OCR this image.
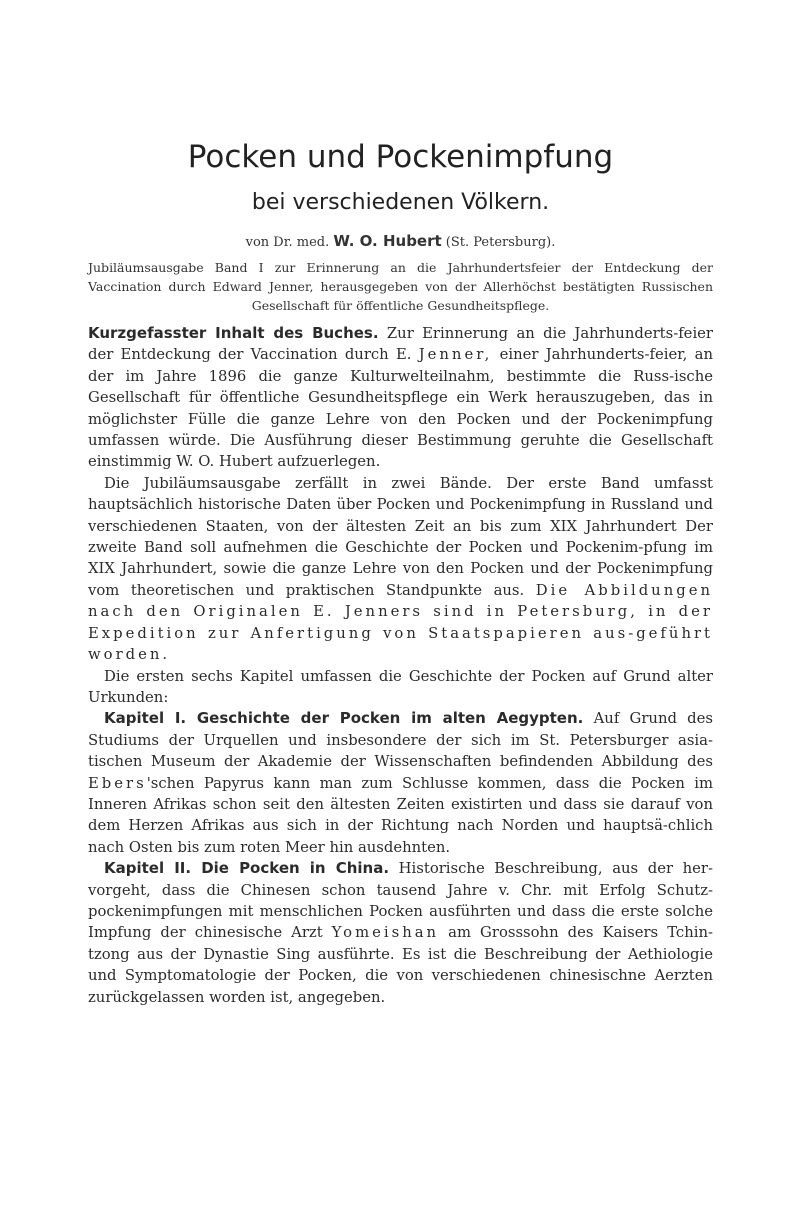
Pocken und Pockenimpfung
bei verschiedenen Völkern.
von Dr. med. W. O. Hubert (St. Petersburg).
Jubiläumsausgabe Band I zur Erinnerung an die Jahrhundertsfeier der Entdeckung der Vaccination durch Edward Jenner, herausgegeben von der Allerhöchst bestätigten Russischen Gesellschaft für öffentliche Gesundheitspflege.

Kurzgefasster Inhalt des Buches. Zur Erinnerung an die Jahrhunderts-feier der Entdeckung der Vaccination durch E. Jenner, einer Jahrhunderts-feier, an der im Jahre 1896 die ganze Kulturwelteilnahm, bestimmte die Russ-ische Gesellschaft für öffentliche Gesundheitspflege ein Werk herauszugeben, das in möglichster Fülle die ganze Lehre von den Pocken und der Pockenimpfung umfassen würde. Die Ausführung dieser Bestimmung geruhte die Gesellschaft einstimmig W. O. Hubert aufzuerlegen.

Die Jubiläumsausgabe zerfällt in zwei Bände. Der erste Band umfasst hauptsächlich historische Daten über Pocken und Pockenimpfung in Russland und verschiedenen Staaten, von der ältesten Zeit an bis zum XIX Jahrhundert Der zweite Band soll aufnehmen die Geschichte der Pocken und Pockenim-pfung im XIX Jahrhundert, sowie die ganze Lehre von den Pocken und der Pockenimpfung vom theoretischen und praktischen Standpunkte aus. Die Abbildungen nach den Originalen E. Jenners sind in Petersburg, in der Expedition zur Anfertigung von Staatspapieren aus-geführt worden.

Die ersten sechs Kapitel umfassen die Geschichte der Pocken auf Grund alter Urkunden:

Kapitel I. Geschichte der Pocken im alten Aegypten. Auf Grund des Studiums der Urquellen und insbesondere der sich im St. Petersburger asia-tischen Museum der Akademie der Wissenschaften befindenden Abbildung des Ebers'schen Papyrus kann man zum Schlusse kommen, dass die Pocken im Inneren Afrikas schon seit den ältesten Zeiten existirten und dass sie darauf von dem Herzen Afrikas aus sich in der Richtung nach Norden und hauptsä-chlich nach Osten bis zum roten Meer hin ausdehnten.

Kapitel II. Die Pocken in China. Historische Beschreibung, aus der her-vorgeht, dass die Chinesen schon tausend Jahre v. Chr. mit Erfolg Schutz-pockenimpfungen mit menschlichen Pocken ausführten und dass die erste solche Impfung der chinesische Arzt Yomeishan am Grosssohn des Kaisers Tchin-tzong aus der Dynastie Sing ausführte. Es ist die Beschreibung der Aethiologie und Symptomatologie der Pocken, die von verschiedenen chinesischne Aerzten zurückgelassen worden ist, angegeben.
